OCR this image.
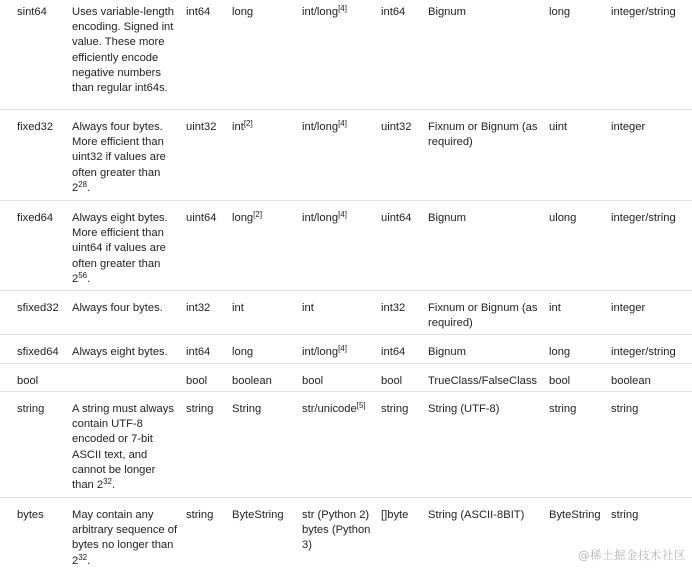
sint64	Uses variable-length encoding. Signed int value. These more efficiently encode negative numbers than regular int64s.	int64	long	int/long[4]	int64	Bignum	long	integer/string
fixed32	Always four bytes. More efficient than uint32 if values are often greater than $2^{28}$.	uint32	int[2]	int/long[4]	uint32	Fixnum or Bignum (as required)	uint	integer
fixed64	Always eight bytes. More efficient than uint64 if values are often greater than $2^{56}$.	uint64	long[2]	int/long[4]	uint64	Bignum	ulong	integer/string
sfixed32	Always four bytes.	int32	int	int	int32	Fixnum or Bignum (as required)	int	integer
sfixed64	Always eight bytes.	int64	long	int/long[4]	int64	Bignum	long	integer/string
bool		bool	boolean	bool	bool	TrueClass/FalseClass	bool	boolean
string	A string must always contain UTF-8 encoded or 7-bit ASCII text, and cannot be longer than $2^{32}$.	string	String	str/unicode[5]	string	String (UTF-8)	string	string
bytes	May contain any arbitrary sequence of bytes no longer than $2^{32}$.	string	ByteString	str (Python 2) bytes (Python 3)	[]byte	String (ASCII-8BIT)	ByteString	string
@稀土掘金技术社区
